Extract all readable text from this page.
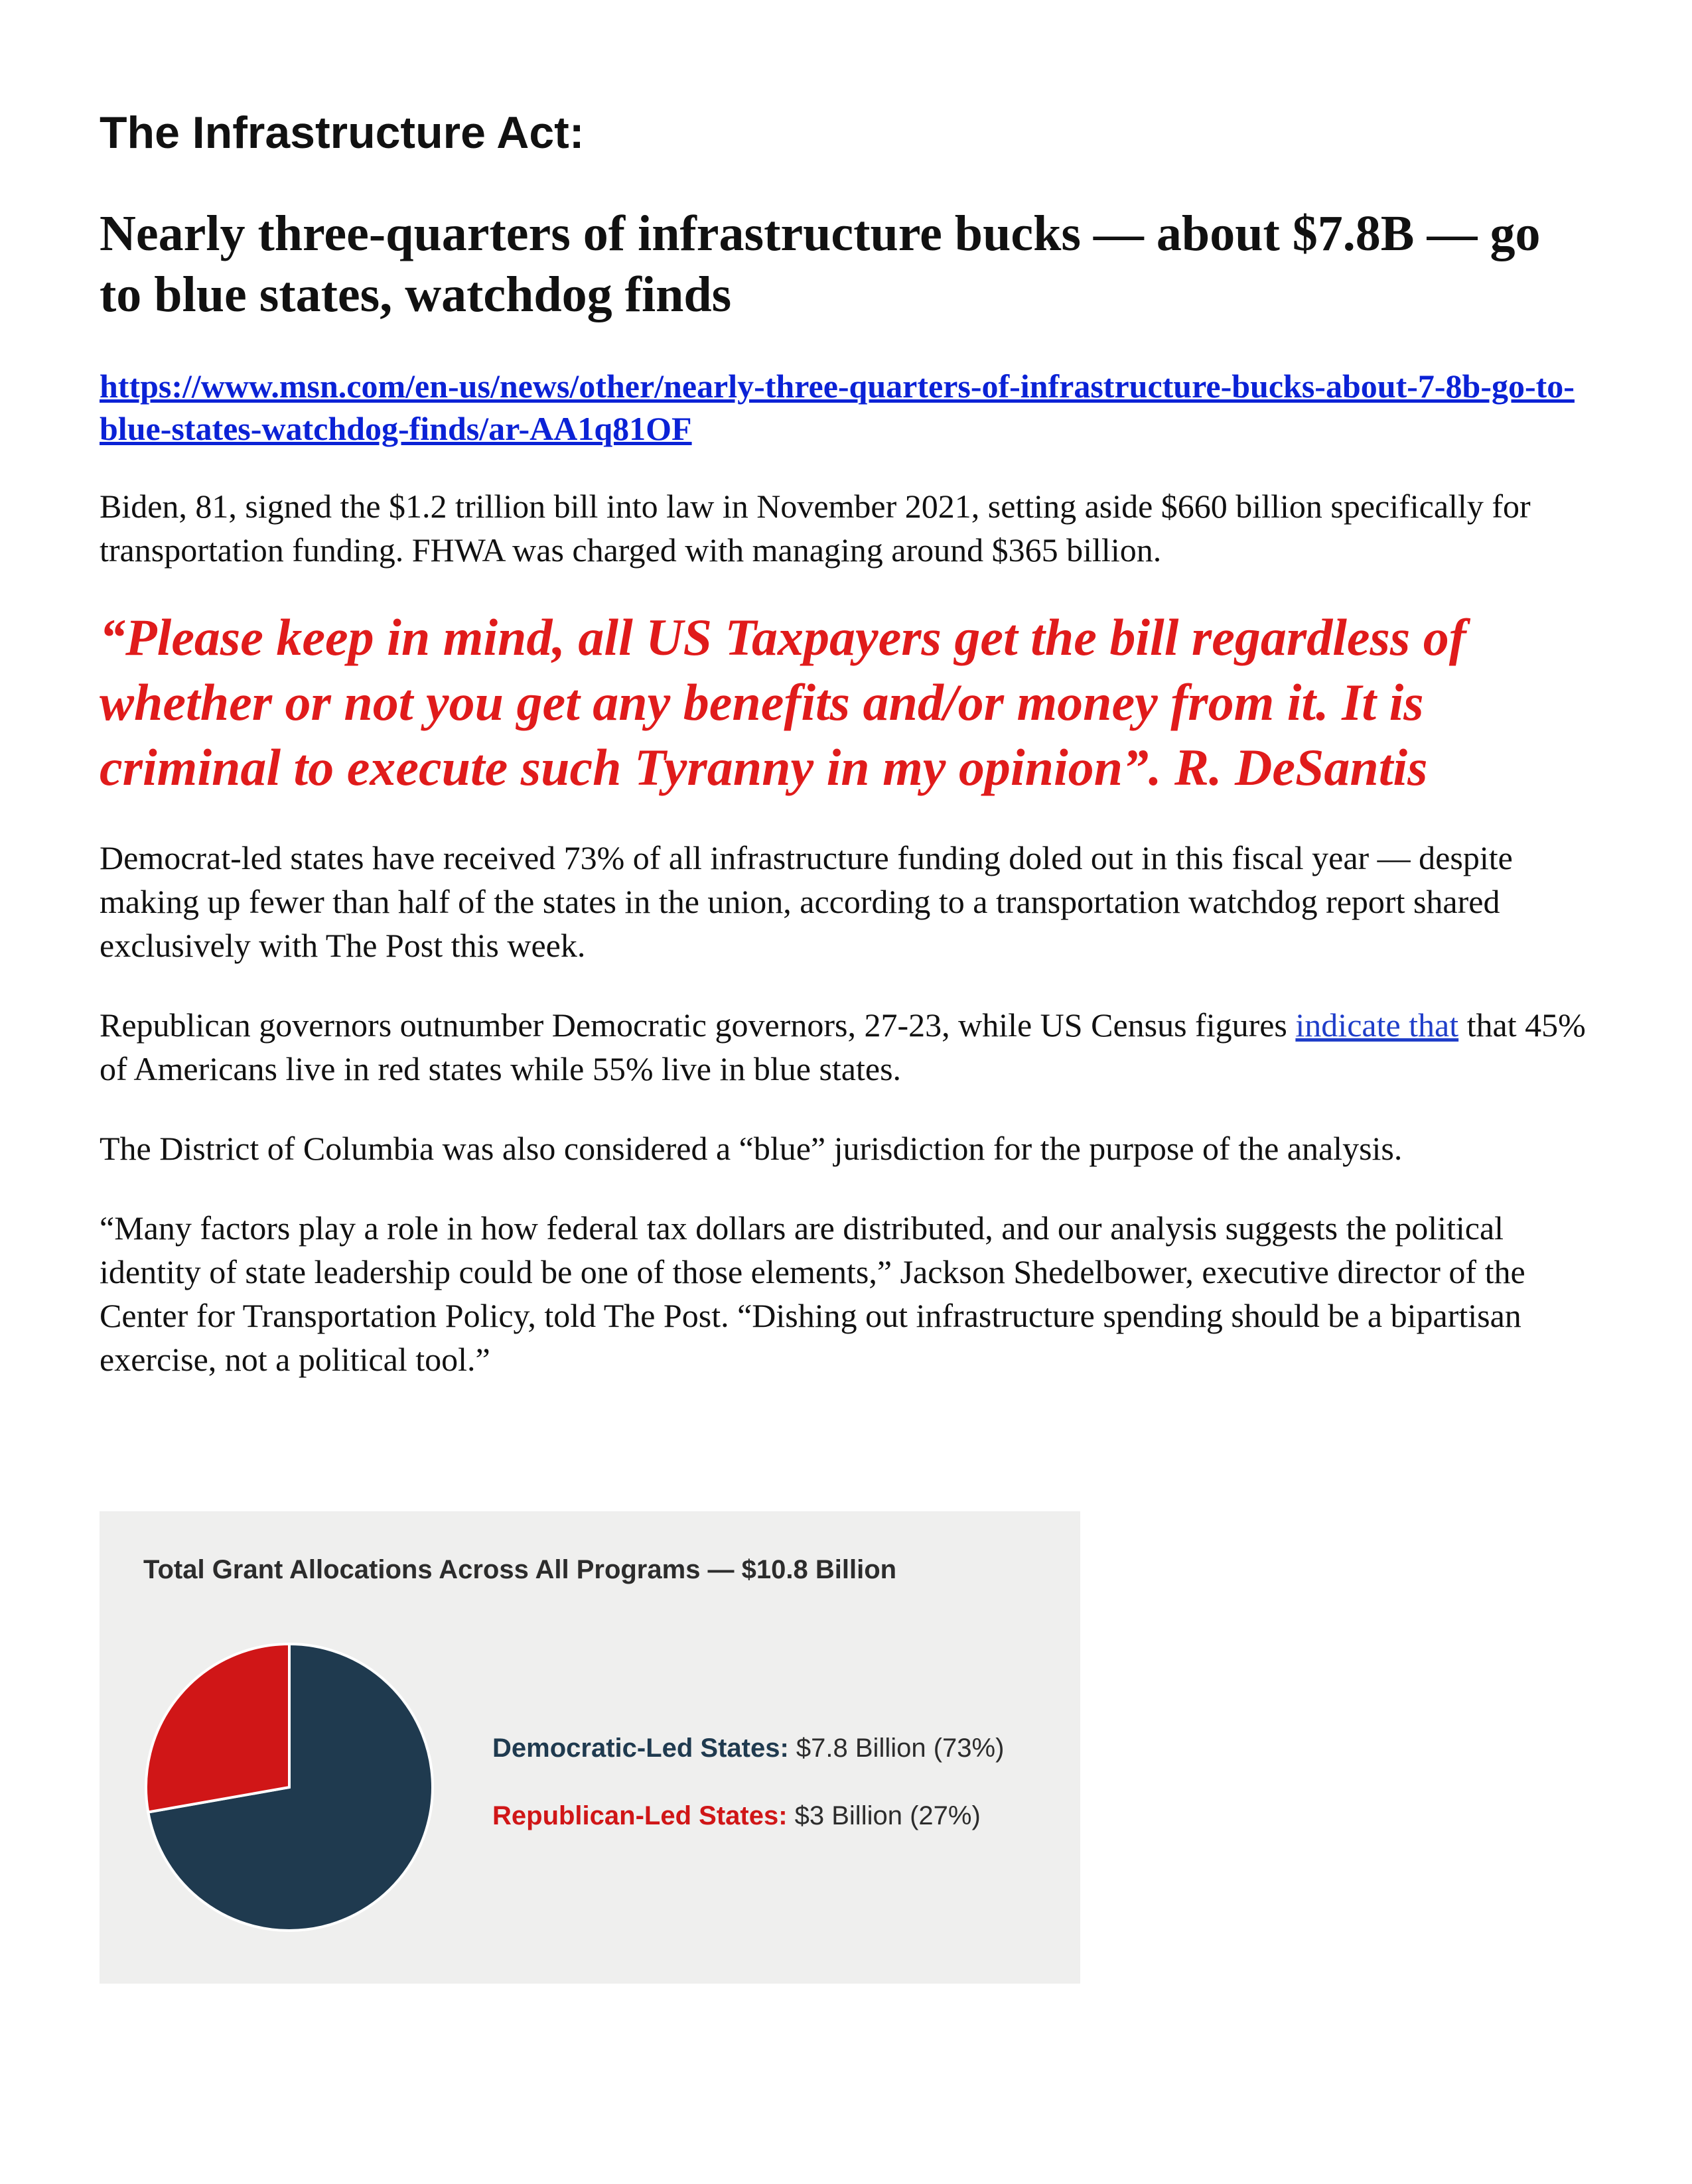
The Infrastructure Act:
Nearly three-quarters of infrastructure bucks — about $7.8B — go to blue states, watchdog finds
https://www.msn.com/en-us/news/other/nearly-three-quarters-of-infrastructure-bucks-about-7-8b-go-to-blue-states-watchdog-finds/ar-AA1q81OF

Biden, 81, signed the $1.2 trillion bill into law in November 2021, setting aside $660 billion specifically for transportation funding. FHWA was charged with managing around $365 billion.

“Please keep in mind, all US Taxpayers get the bill regardless of whether or not you get any benefits and/or money from it. It is criminal to execute such Tyranny in my opinion”. R. DeSantis

Democrat-led states have received 73% of all infrastructure funding doled out in this fiscal year — despite making up fewer than half of the states in the union, according to a transportation watchdog report shared exclusively with The Post this week.

Republican governors outnumber Democratic governors, 27-23, while US Census figures indicate that that 45% of Americans live in red states while 55% live in blue states.

The District of Columbia was also considered a “blue” jurisdiction for the purpose of the analysis.

“Many factors play a role in how federal tax dollars are distributed, and our analysis suggests the political identity of state leadership could be one of those elements,” Jackson Shedelbower, executive director of the Center for Transportation Policy, told The Post. “Dishing out infrastructure spending should be a bipartisan exercise, not a political tool.”

Total Grant Allocations Across All Programs — $10.8 Billion

Democratic-Led States: $7.8 Billion (73%)
Republican-Led States: $3 Billion (27%)
